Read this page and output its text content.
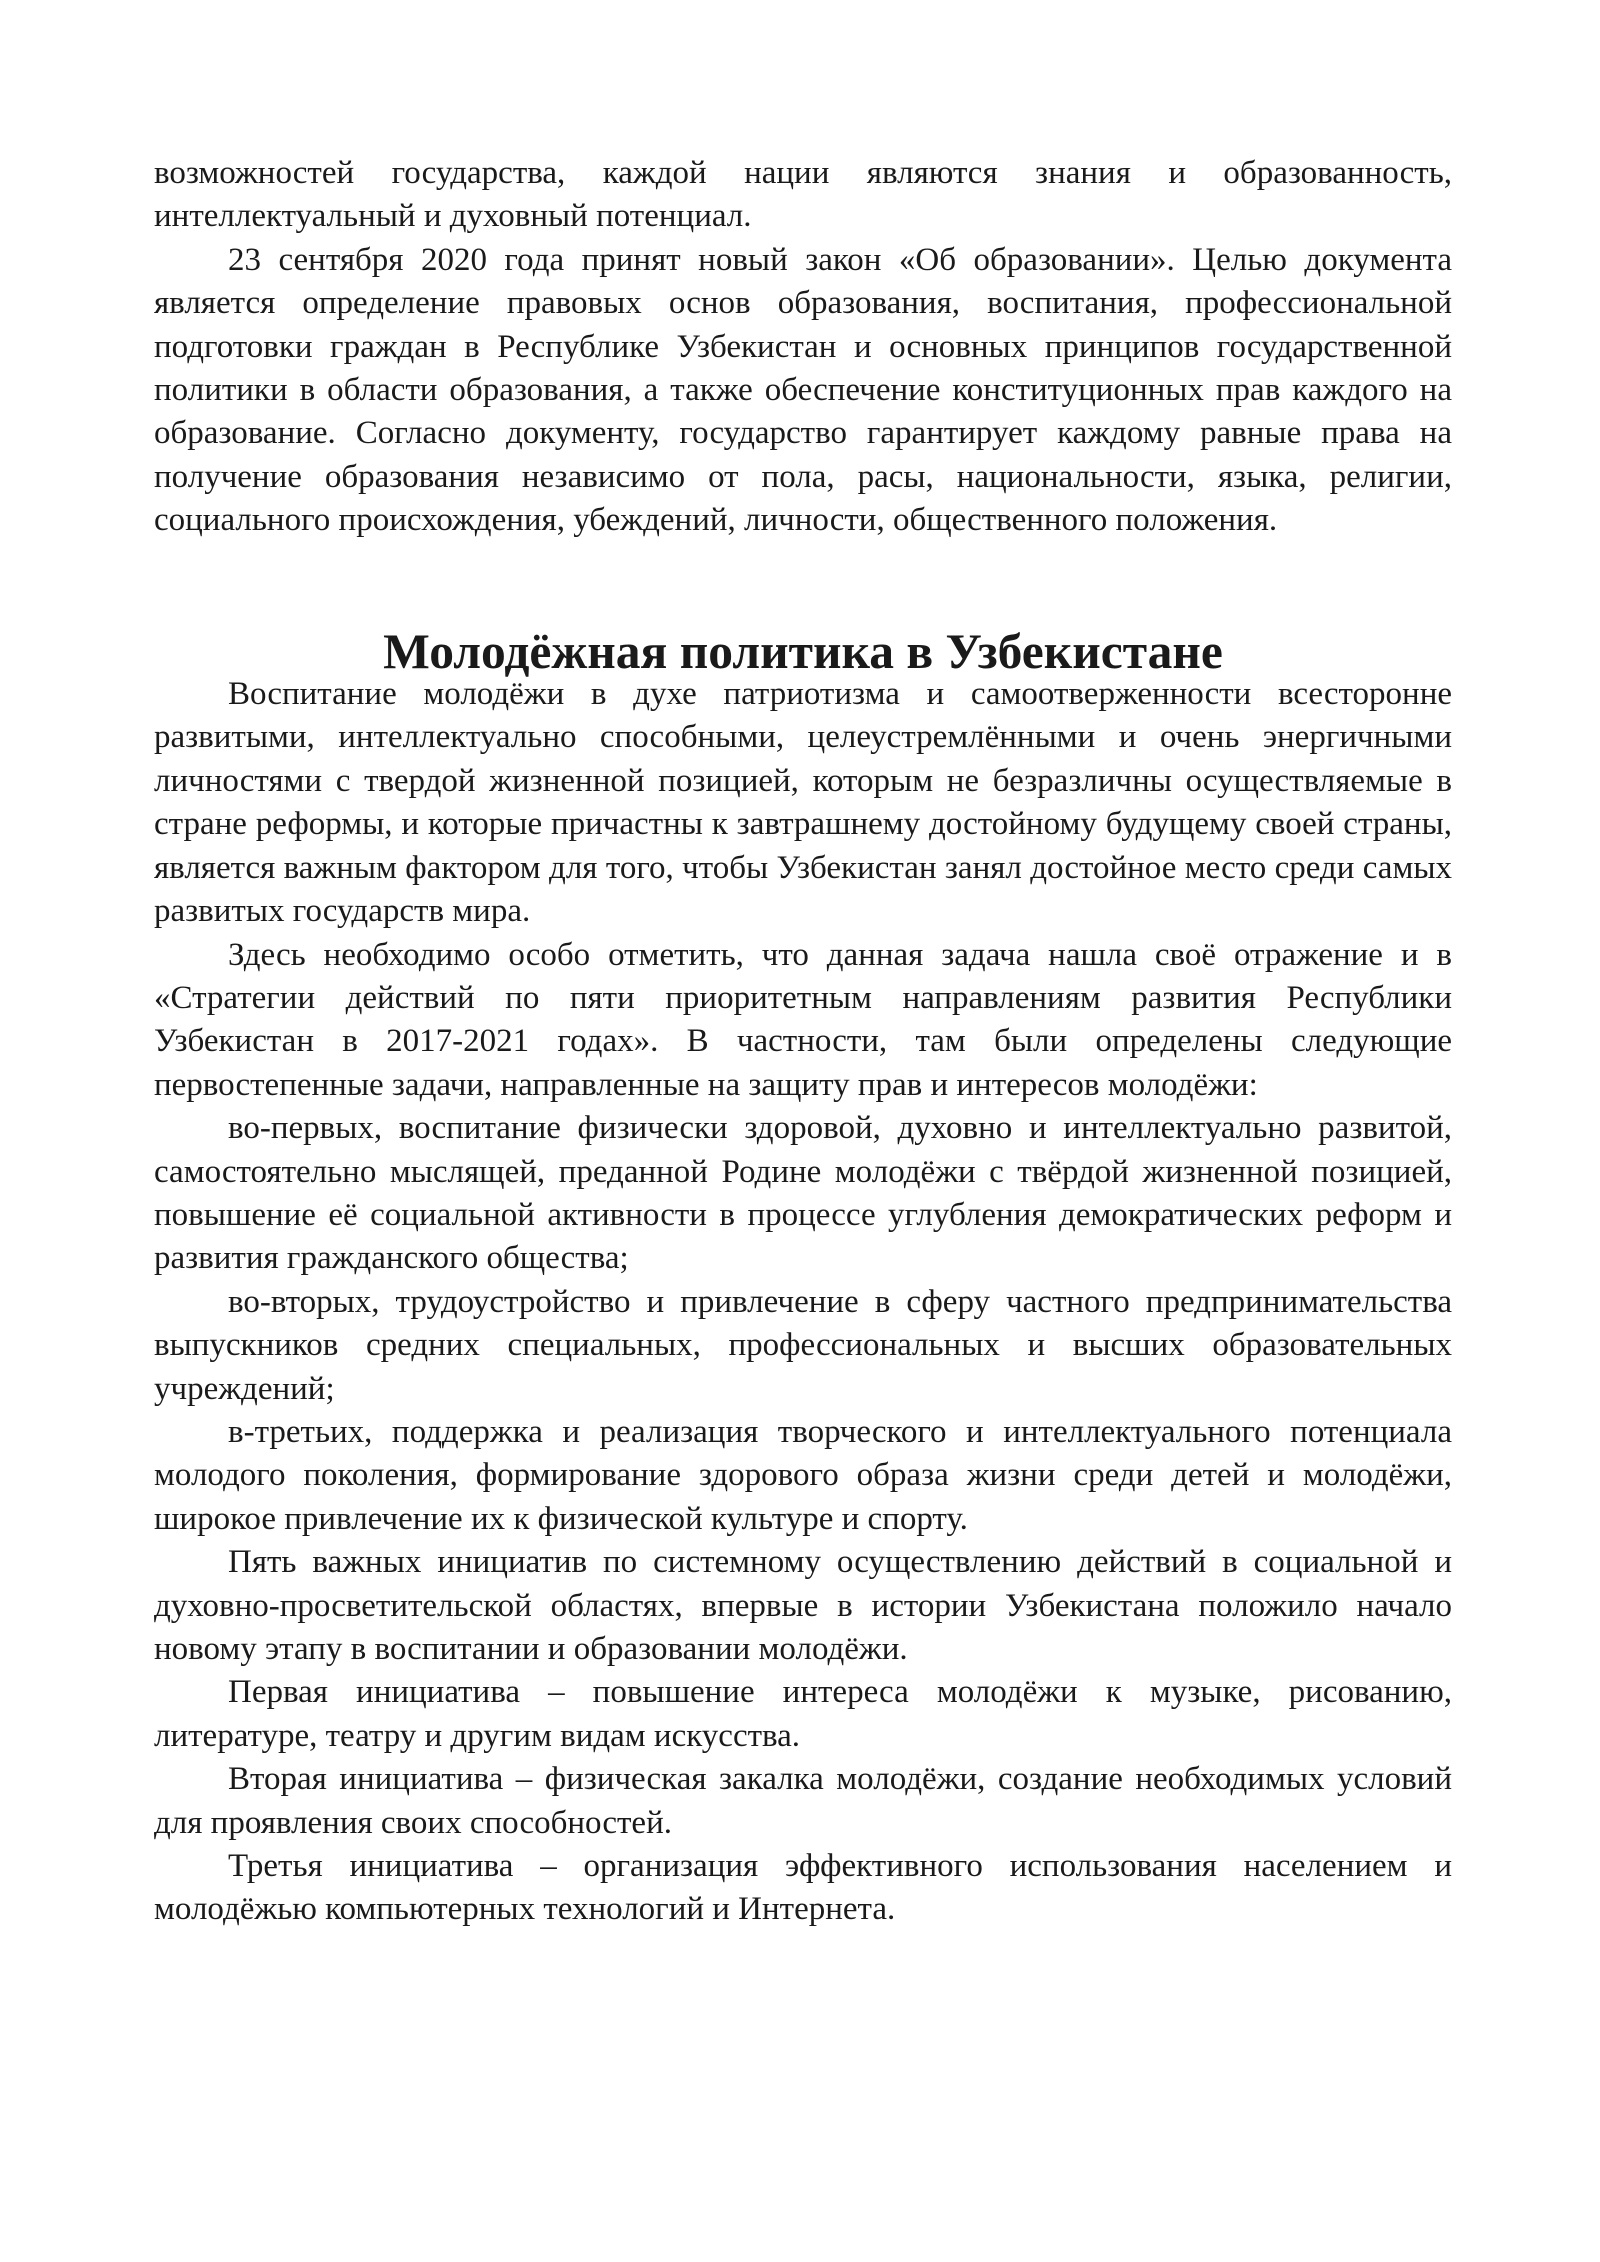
возможностей государства, каждой нации являются знания и образованность, интеллектуальный и духовный потенциал.

23 сентября 2020 года принят новый закон «Об образовании». Целью документа является определение правовых основ образования, воспитания, профессиональной подготовки граждан в Республике Узбекистан и основных принципов государственной политики в области образования, а также обеспечение конституционных прав каждого на образование. Согласно документу, государство гарантирует каждому равные права на получение образования независимо от пола, расы, национальности, языка, религии, социального происхождения, убеждений, личности, общественного положения.

Молодёжная политика в Узбекистане

Воспитание молодёжи в духе патриотизма и самоотверженности всесторонне развитыми, интеллектуально способными, целеустремлёнными и очень энергичными личностями с твердой жизненной позицией, которым не безразличны осуществляемые в стране реформы, и которые причастны к завтрашнему достойному будущему своей страны, является важным фактором для того, чтобы Узбекистан занял достойное место среди самых развитых государств мира.

Здесь необходимо особо отметить, что данная задача нашла своё отражение и в «Стратегии действий по пяти приоритетным направлениям развития Республики Узбекистан в 2017-2021 годах». В частности, там были определены следующие первостепенные задачи, направленные на защиту прав и интересов молодёжи:

во-первых, воспитание физически здоровой, духовно и интеллектуально развитой, самостоятельно мыслящей, преданной Родине молодёжи с твёрдой жизненной позицией, повышение её социальной активности в процессе углубления демократических реформ и развития гражданского общества;

во-вторых, трудоустройство и привлечение в сферу частного предпринимательства выпускников средних специальных, профессиональных и высших образовательных учреждений;

в-третьих, поддержка и реализация творческого и интеллектуального потенциала молодого поколения, формирование здорового образа жизни среди детей и молодёжи, широкое привлечение их к физической культуре и спорту.

Пять важных инициатив по системному осуществлению действий в социальной и духовно-просветительской областях, впервые в истории Узбекистана положило начало новому этапу в воспитании и образовании молодёжи.

Первая инициатива – повышение интереса молодёжи к музыке, рисованию, литературе, театру и другим видам искусства.

Вторая инициатива – физическая закалка молодёжи, создание необходимых условий для проявления своих способностей.

Третья инициатива – организация эффективного использования населением и молодёжью компьютерных технологий и Интернета.
